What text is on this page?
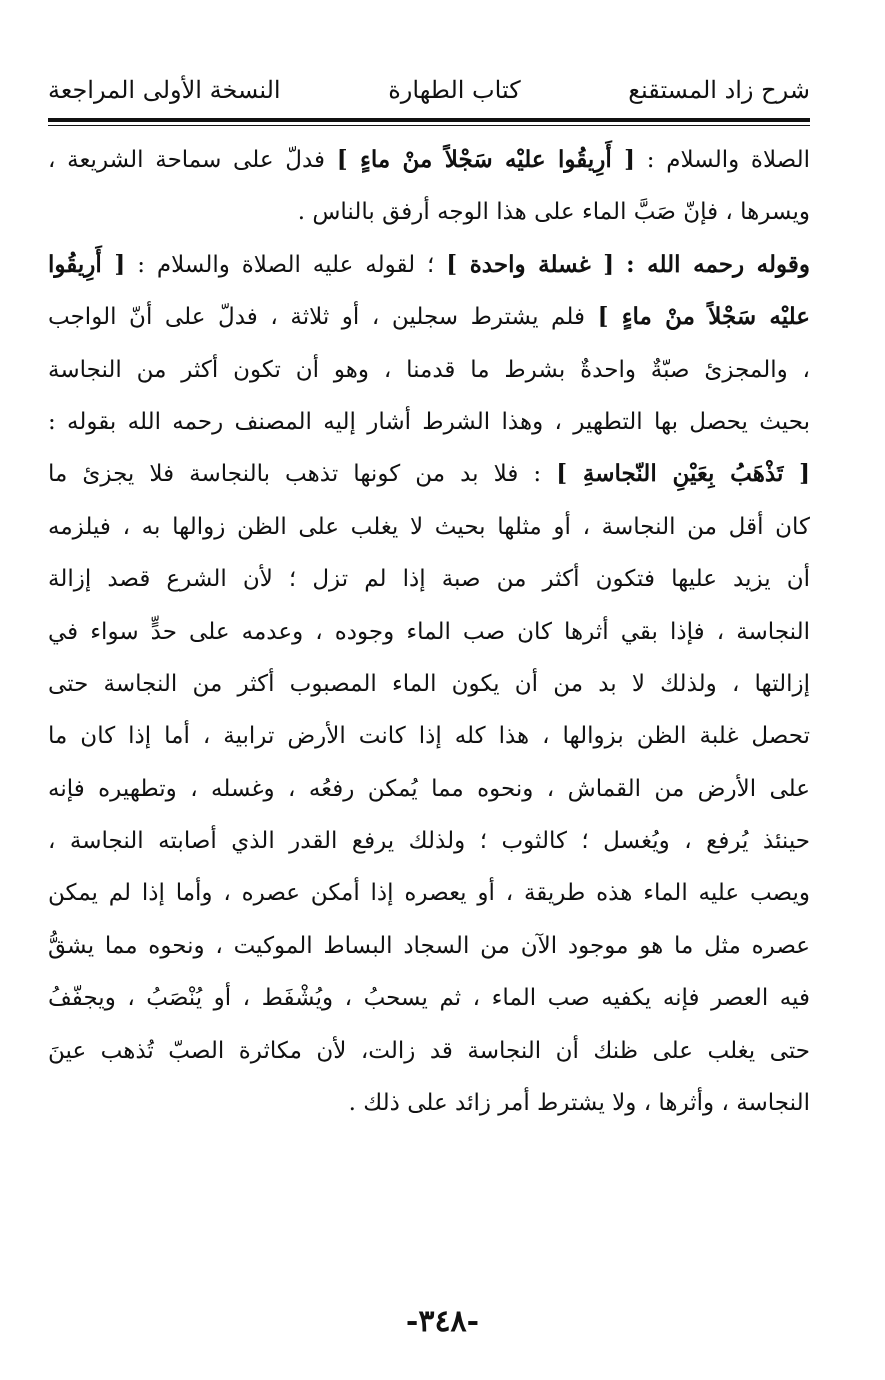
شرح زاد المستقنع
كتاب الطهارة
النسخة الأولى المراجعة
الصلاة والسلام : [ أَرِيقُوا عليْه سَجْلاً منْ ماءٍ ] فدلّ على سماحة الشريعة ،
ويسرها ، فإنّ صَبَّ الماء على هذا الوجه أرفق بالناس .
وقوله رحمه الله : [ غسلة واحدة ] ؛ لقوله عليه الصلاة والسلام : [ أَرِيقُوا
عليْه سَجْلاً منْ ماءٍ ] فلم يشترط سجلين ، أو ثلاثة ، فدلّ على أنّ الواجب
، والمجزئ صبّةٌ واحدةٌ بشرط ما قدمنا ، وهو أن تكون أكثر من النجاسة
بحيث يحصل بها التطهير ، وهذا الشرط أشار إليه المصنف رحمه الله بقوله :
[ تَذْهَبُ بِعَيْنِ النّجاسةِ ] : فلا بد من كونها تذهب بالنجاسة فلا يجزئ ما
كان أقل من النجاسة ، أو مثلها بحيث لا يغلب على الظن زوالها به ، فيلزمه
أن يزيد عليها فتكون أكثر من صبة إذا لم تزل ؛ لأن الشرع قصد إزالة
النجاسة ، فإذا بقي أثرها كان صب الماء وجوده ، وعدمه على حدٍّ سواء في
إزالتها ، ولذلك لا بد من أن يكون الماء المصبوب أكثر من النجاسة حتى
تحصل غلبة الظن بزوالها ، هذا كله إذا كانت الأرض ترابية ، أما إذا كان ما
على الأرض من القماش ، ونحوه مما يُمكن رفعُه ، وغسله ، وتطهيره فإنه
حينئذ يُرفع ، ويُغسل ؛ كالثوب ؛ ولذلك يرفع القدر الذي أصابته النجاسة ،
ويصب عليه الماء هذه طريقة ، أو يعصره إذا أمكن عصره ، وأما إذا لم يمكن
عصره مثل ما هو موجود الآن من السجاد البساط الموكيت ، ونحوه مما يشقُّ
فيه العصر فإنه يكفيه صب الماء ، ثم يسحبُ ، ويُشْفَط ، أو يُنْصَبُ ، ويجفّفُ
حتى يغلب على ظنك أن النجاسة قد زالت، لأن مكاثرة الصبّ تُذهب عينَ
النجاسة ، وأثرها ، ولا يشترط أمر زائد على ذلك .
-٣٤٨-
